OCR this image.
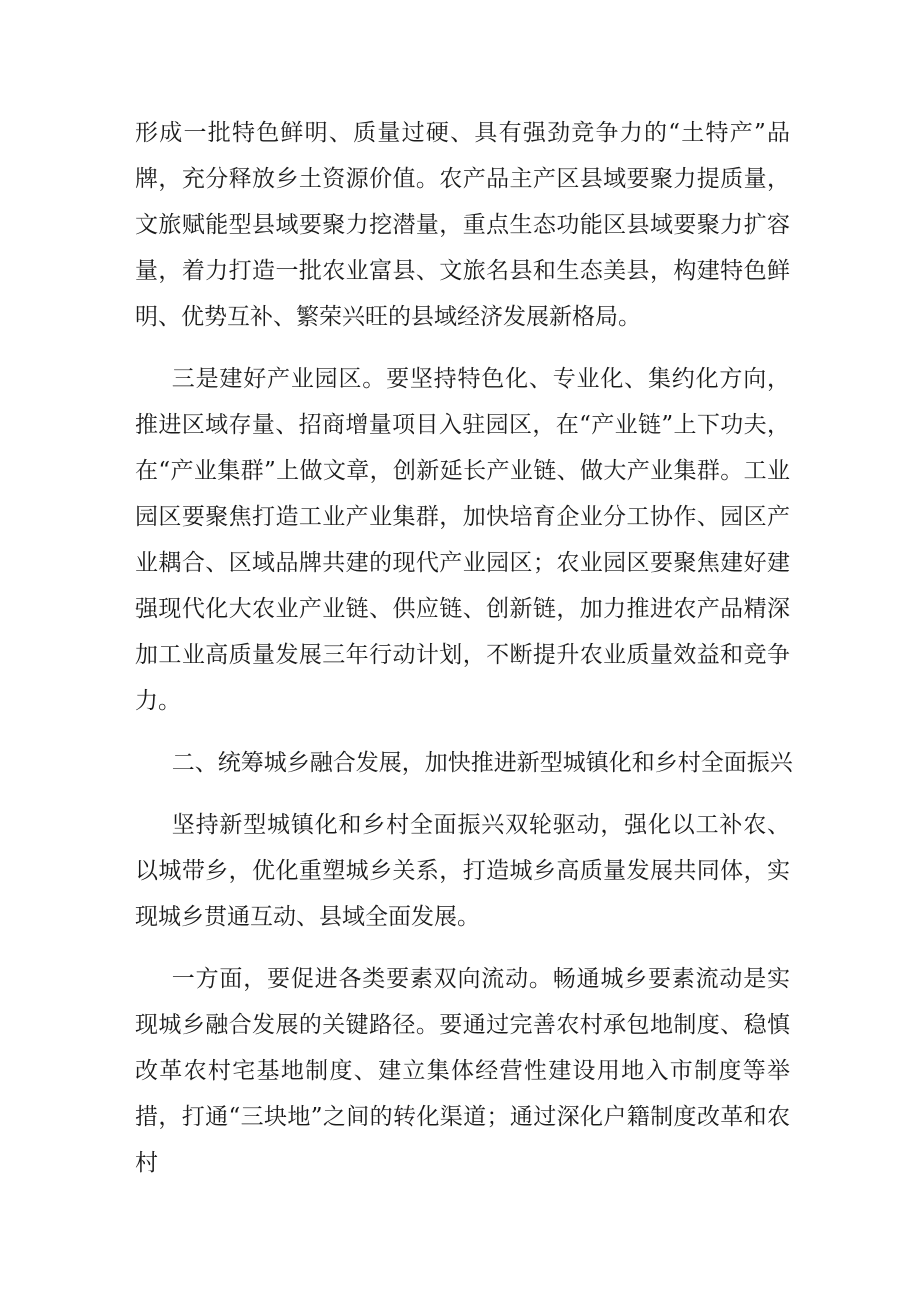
形成一批特色鲜明、质量过硬、具有强劲竞争力的“土特产”品牌，充分释放乡土资源价值。农产品主产区县域要聚力提质量，文旅赋能型县域要聚力挖潜量，重点生态功能区县域要聚力扩容量，着力打造一批农业富县、文旅名县和生态美县，构建特色鲜明、优势互补、繁荣兴旺的县域经济发展新格局。

三是建好产业园区。要坚持特色化、专业化、集约化方向，推进区域存量、招商增量项目入驻园区，在“产业链”上下功夫，在“产业集群”上做文章，创新延长产业链、做大产业集群。工业园区要聚焦打造工业产业集群，加快培育企业分工协作、园区产业耦合、区域品牌共建的现代产业园区；农业园区要聚焦建好建强现代化大农业产业链、供应链、创新链，加力推进农产品精深加工业高质量发展三年行动计划，不断提升农业质量效益和竞争力。

二、统筹城乡融合发展，加快推进新型城镇化和乡村全面振兴

坚持新型城镇化和乡村全面振兴双轮驱动，强化以工补农、以城带乡，优化重塑城乡关系，打造城乡高质量发展共同体，实现城乡贯通互动、县域全面发展。

一方面，要促进各类要素双向流动。畅通城乡要素流动是实现城乡融合发展的关键路径。要通过完善农村承包地制度、稳慎改革农村宅基地制度、建立集体经营性建设用地入市制度等举措，打通“三块地”之间的转化渠道；通过深化户籍制度改革和农村
